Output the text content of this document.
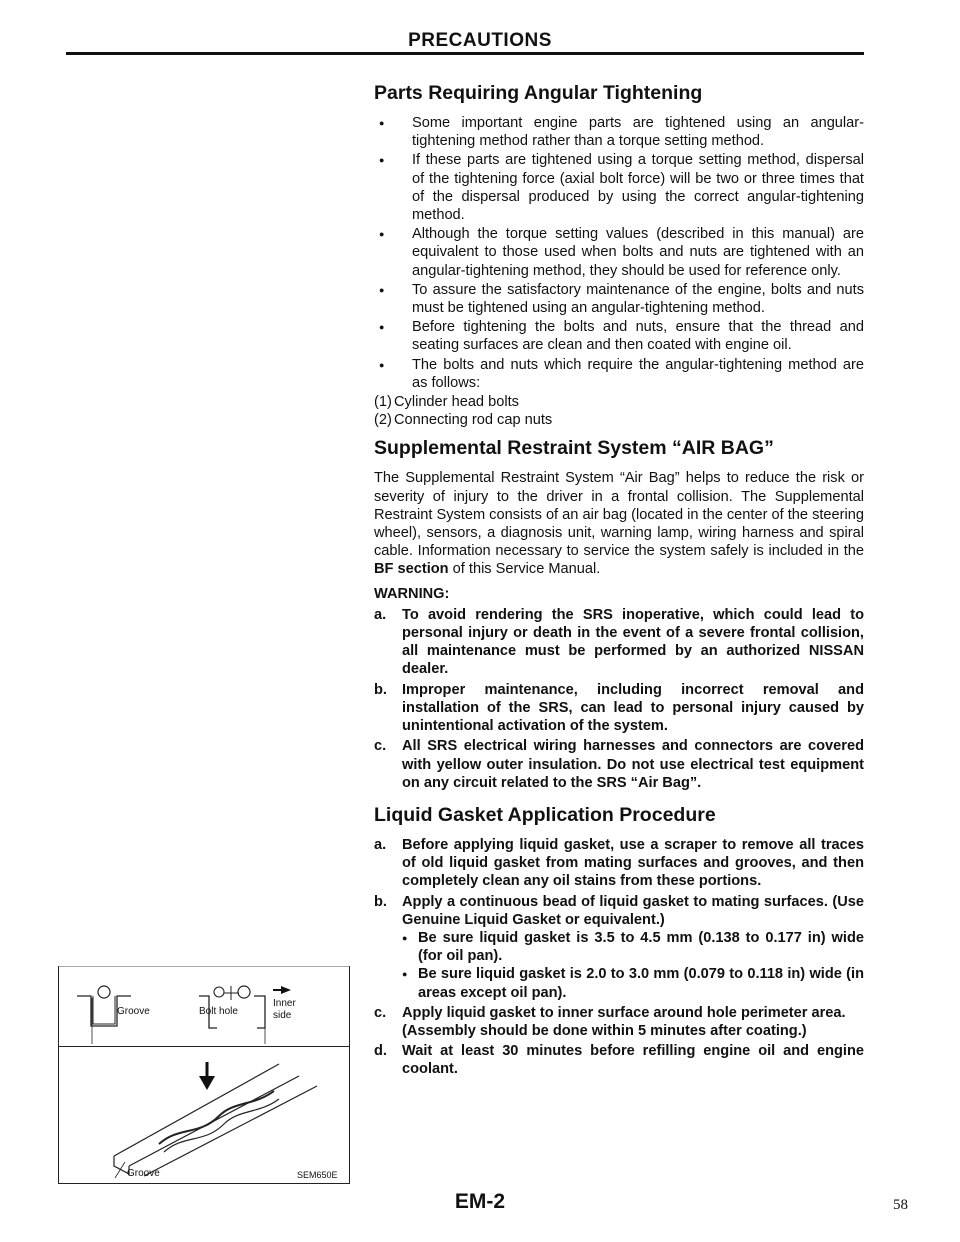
PRECAUTIONS
Parts Requiring Angular Tightening

● Some important engine parts are tightened using an angular-tightening method rather than a torque setting method.

● If these parts are tightened using a torque setting method, dispersal of the tightening force (axial bolt force) will be two or three times that of the dispersal produced by using the correct angular-tightening method.

● Although the torque setting values (described in this manual) are equivalent to those used when bolts and nuts are tightened with an angular-tightening method, they should be used for reference only.

● To assure the satisfactory maintenance of the engine, bolts and nuts must be tightened using an angular-tightening method.

● Before tightening the bolts and nuts, ensure that the thread and seating surfaces are clean and then coated with engine oil.

● The bolts and nuts which require the angular-tightening method are as follows:

(1) Cylinder head bolts

(2) Connecting rod cap nuts

Supplemental Restraint System “AIR BAG”

The Supplemental Restraint System “Air Bag” helps to reduce the risk or severity of injury to the driver in a frontal collision. The Supplemental Restraint System consists of an air bag (located in the center of the steering wheel), sensors, a diagnosis unit, warning lamp, wiring harness and spiral cable. Information necessary to service the system safely is included in the BF section of this Service Manual.

WARNING:

a. To avoid rendering the SRS inoperative, which could lead to personal injury or death in the event of a severe frontal collision, all maintenance must be performed by an authorized NISSAN dealer.

b. Improper maintenance, including incorrect removal and installation of the SRS, can lead to personal injury caused by unintentional activation of the system.

c. All SRS electrical wiring harnesses and connectors are covered with yellow outer insulation. Do not use electrical test equipment on any circuit related to the SRS “Air Bag”.

Liquid Gasket Application Procedure

a. Before applying liquid gasket, use a scraper to remove all traces of old liquid gasket from mating surfaces and grooves, and then completely clean any oil stains from these portions.

b. Apply a continuous bead of liquid gasket to mating surfaces. (Use Genuine Liquid Gasket or equivalent.)
● Be sure liquid gasket is 3.5 to 4.5 mm (0.138 to 0.177 in) wide (for oil pan).
● Be sure liquid gasket is 2.0 to 3.0 mm (0.079 to 0.118 in) wide (in areas except oil pan).

c. Apply liquid gasket to inner surface around hole perimeter area.
(Assembly should be done within 5 minutes after coating.)

d. Wait at least 30 minutes before refilling engine oil and engine coolant.

Groove	Bolt hole
Inner
side
Groove	SEM650E
EM-2	58
